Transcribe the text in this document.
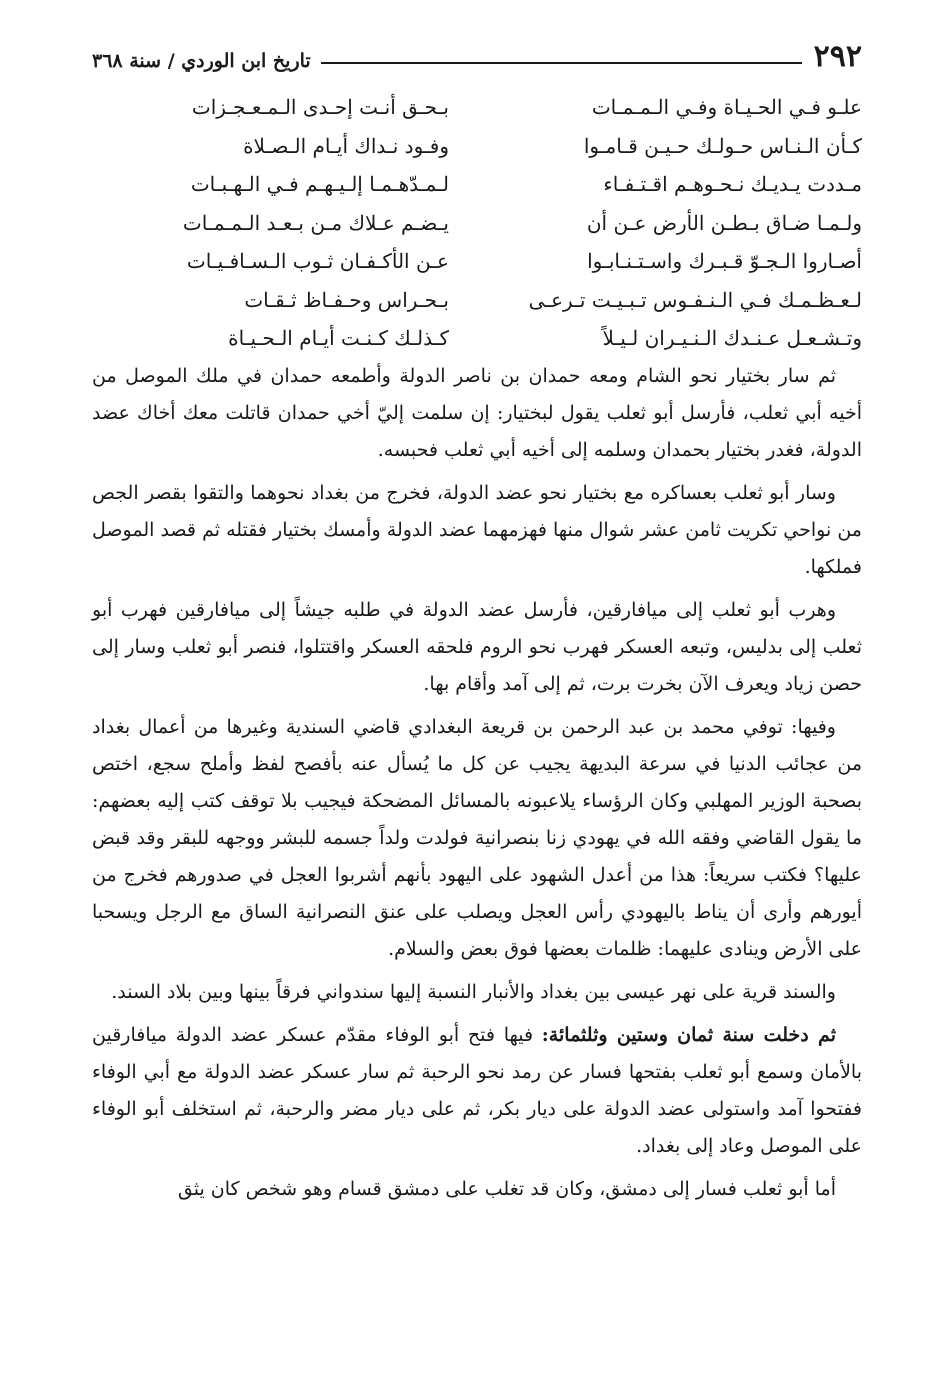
٢٩٢
تاريخ ابن الوردي / سنة ٣٦٨
علـو فـي الحـيـاة وفـي الـمـمـات
بـحـق أنـت إحـدى الـمـعـجـزات
كـأن الـنـاس حـولـك حـيـن قـامـوا
وفـود نـداك أيـام الـصـلاة
مـددت يـديـك نـحـوهـم اقـتـفـاء
لـمـدّهـمـا إلـيـهـم فـي الـهـبـات
ولـمـا ضـاق بـطـن الأرض عـن أن
يـضـم عـلاك مـن بـعـد الـمـمـات
أصـاروا الـجـوّ قـبـرك واسـتـنـابـوا
عـن الأكـفـان ثـوب الـسـافـيـات
لـعـظـمـك فـي الـنـفـوس تـبـيـت تـرعـى
بـحـراس وحـفـاظ ثـقـات
وتـشـعـل عـنـدك الـنـيـران لـيـلاً
كـذلـك كـنـت أيـام الـحـيـاة

ثم سار بختيار نحو الشام ومعه حمدان بن ناصر الدولة وأطمعه حمدان في ملك الموصل من أخيه أبي ثعلب، فأرسل أبو ثعلب يقول لبختيار: إن سلمت إليّ أخي حمدان قاتلت معك أخاك عضد الدولة، فغدر بختيار بحمدان وسلمه إلى أخيه أبي ثعلب فحبسه.

وسار أبو ثعلب بعساكره مع بختيار نحو عضد الدولة، فخرج من بغداد نحوهما والتقوا بقصر الجص من نواحي تكريت ثامن عشر شوال منها فهزمهما عضد الدولة وأمسك بختيار فقتله ثم قصد الموصل فملكها.

وهرب أبو ثعلب إلى ميافارقين، فأرسل عضد الدولة في طلبه جيشاً إلى ميافارقين فهرب أبو ثعلب إلى بدليس، وتبعه العسكر فهرب نحو الروم فلحقه العسكر واقتتلوا، فنصر أبو ثعلب وسار إلى حصن زياد ويعرف الآن بخرت برت، ثم إلى آمد وأقام بها.

وفيها: توفي محمد بن عبد الرحمن بن قريعة البغدادي قاضي السندية وغيرها من أعمال بغداد من عجائب الدنيا في سرعة البديهة يجيب عن كل ما يُسأل عنه بأفصح لفظ وأملح سجع، اختص بصحبة الوزير المهلبي وكان الرؤساء يلاعبونه بالمسائل المضحكة فيجيب بلا توقف كتب إليه بعضهم: ما يقول القاضي وفقه الله في يهودي زنا بنصرانية فولدت ولداً جسمه للبشر ووجهه للبقر وقد قبض عليها؟ فكتب سريعاً: هذا من أعدل الشهود على اليهود بأنهم أشربوا العجل في صدورهم فخرج من أيورهم وأرى أن يناط باليهودي رأس العجل ويصلب على عنق النصرانية الساق مع الرجل ويسحبا على الأرض وينادى عليهما: ظلمات بعضها فوق بعض والسلام.

والسند قرية على نهر عيسى بين بغداد والأنبار النسبة إليها سندواني فرقاً بينها وبين بلاد السند.

ثم دخلت سنة ثمان وستين وثلثمائة: فيها فتح أبو الوفاء مقدّم عسكر عضد الدولة ميافارقين بالأمان وسمع أبو ثعلب بفتحها فسار عن رمد نحو الرحبة ثم سار عسكر عضد الدولة مع أبي الوفاء ففتحوا آمد واستولى عضد الدولة على ديار بكر، ثم على ديار مضر والرحبة، ثم استخلف أبو الوفاء على الموصل وعاد إلى بغداد.

أما أبو ثعلب فسار إلى دمشق، وكان قد تغلب على دمشق قسام وهو شخص كان يثق
